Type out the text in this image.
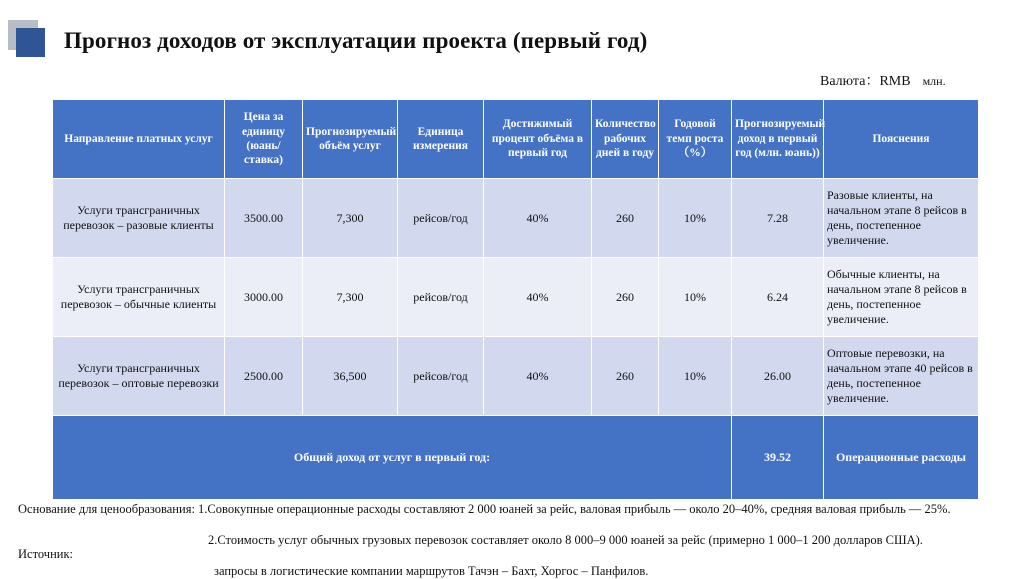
Прогноз доходов от эксплуатации проекта (первый год)
Валюта：RMB млн.
Направление платных услуг	Цена за единицу (юань/ставка)	Прогнозируемый объём услуг	Единица измерения	Достижимый процент объёма в первый год	Количество рабочих дней в году	Годовой темп роста（%）	Прогнозируемый доход в первый год (млн. юань))	Пояснения
Услуги трансграничных перевозок – разовые клиенты	3500.00	7,300	рейсов/год	40%	260	10%	7.28	Разовые клиенты, на начальном этапе 8 рейсов в день, постепенное увеличение.
Услуги трансграничных перевозок – обычные клиенты	3000.00	7,300	рейсов/год	40%	260	10%	6.24	Обычные клиенты, на начальном этапе 8 рейсов в день, постепенное увеличение.
Услуги трансграничных перевозок – оптовые перевозки	2500.00	36,500	рейсов/год	40%	260	10%	26.00	Оптовые перевозки, на начальном этапе 40 рейсов в день, постепенное увеличение.
Общий доход от услуг в первый год:							39.52	Операционные расходы
Основание для ценообразования: 1.Совокупные операционные расходы составляют 2 000 юаней за рейс, валовая прибыль — около 20–40%, средняя валовая прибыль — 25%.
2.Стоимость услуг обычных грузовых перевозок составляет около 8 000–9 000 юаней за рейс (примерно 1 000–1 200 долларов США).
Источник:
запросы в логистические компании маршрутов Тачэн – Бахт, Хоргос – Панфилов.
